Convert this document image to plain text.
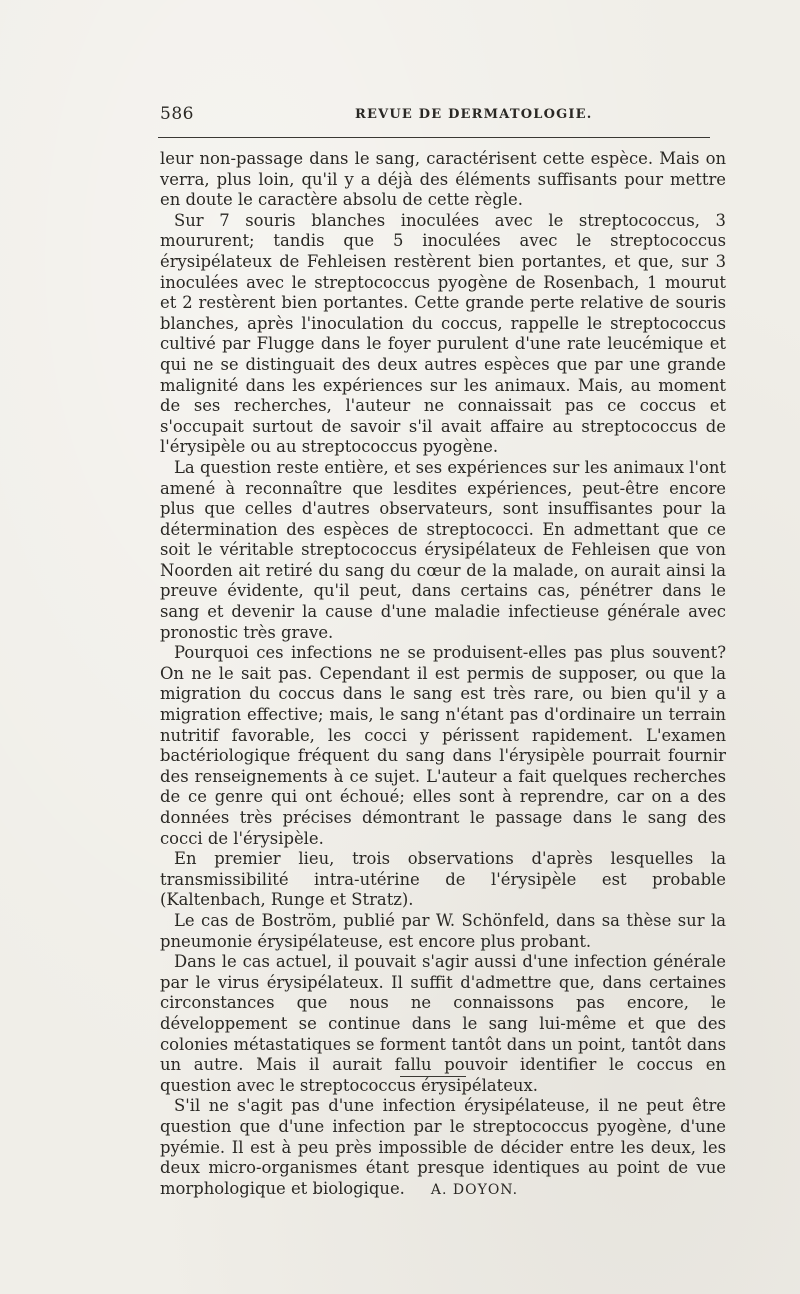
586	REVUE DE DERMATOLOGIE.

leur non-passage dans le sang, caractérisent cette espèce. Mais on verra, plus loin, qu'il y a déjà des éléments suffisants pour mettre en doute le caractère absolu de cette règle.

Sur 7 souris blanches inoculées avec le streptococcus, 3 moururent; tandis que 5 inoculées avec le streptococcus érysipélateux de Fehleisen restèrent bien portantes, et que, sur 3 inoculées avec le streptococcus pyogène de Rosenbach, 1 mourut et 2 restèrent bien portantes. Cette grande perte relative de souris blanches, après l'inoculation du coccus, rappelle le streptococcus cultivé par Flugge dans le foyer purulent d'une rate leucémique et qui ne se distinguait des deux autres espèces que par une grande malignité dans les expériences sur les animaux. Mais, au moment de ses recherches, l'auteur ne connaissait pas ce coccus et s'occupait surtout de savoir s'il avait affaire au streptococcus de l'érysipèle ou au streptococcus pyogène.

La question reste entière, et ses expériences sur les animaux l'ont amené à reconnaître que lesdites expériences, peut-être encore plus que celles d'autres observateurs, sont insuffisantes pour la détermination des espèces de streptococci. En admettant que ce soit le véritable streptococcus érysipélateux de Fehleisen que von Noorden ait retiré du sang du cœur de la malade, on aurait ainsi la preuve évidente, qu'il peut, dans certains cas, pénétrer dans le sang et devenir la cause d'une maladie infectieuse générale avec pronostic très grave.

Pourquoi ces infections ne se produisent-elles pas plus souvent? On ne le sait pas. Cependant il est permis de supposer, ou que la migration du coccus dans le sang est très rare, ou bien qu'il y a migration effective; mais, le sang n'étant pas d'ordinaire un terrain nutritif favorable, les cocci y périssent rapidement. L'examen bactériologique fréquent du sang dans l'érysipèle pourrait fournir des renseignements à ce sujet. L'auteur a fait quelques recherches de ce genre qui ont échoué; elles sont à reprendre, car on a des données très précises démontrant le passage dans le sang des cocci de l'érysipèle.

En premier lieu, trois observations d'après lesquelles la transmissibilité intra-utérine de l'érysipèle est probable (Kaltenbach, Runge et Stratz).

Le cas de Boström, publié par W. Schönfeld, dans sa thèse sur la pneumonie érysipélateuse, est encore plus probant.

Dans le cas actuel, il pouvait s'agir aussi d'une infection générale par le virus érysipélateux. Il suffit d'admettre que, dans certaines circonstances que nous ne connaissons pas encore, le développement se continue dans le sang lui-même et que des colonies métastatiques se forment tantôt dans un point, tantôt dans un autre. Mais il aurait fallu pouvoir identifier le coccus en question avec le streptococcus érysipélateux.

S'il ne s'agit pas d'une infection érysipélateuse, il ne peut être question que d'une infection par le streptococcus pyogène, d'une pyémie. Il est à peu près impossible de décider entre les deux, les deux micro-organismes étant presque identiques au point de vue morphologique et biologique. A. DOYON.
